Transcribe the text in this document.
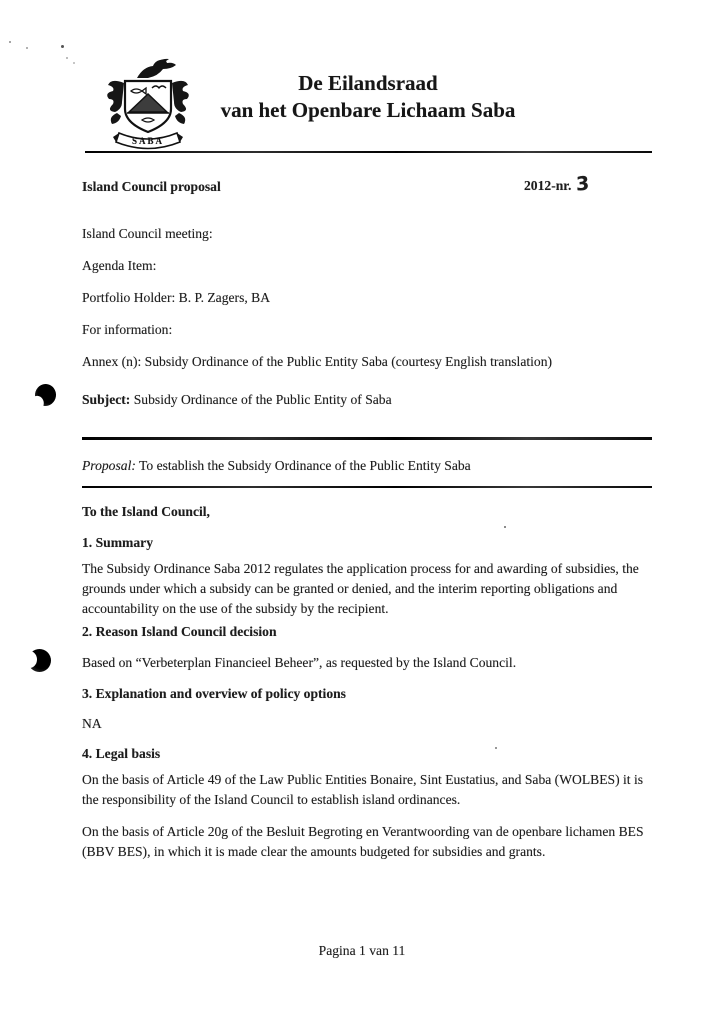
SABA
De Eilandsraad
van het Openbare Lichaam Saba

Island Council proposal	2012-nr. 3

Island Council meeting:

Agenda Item:

Portfolio Holder: B. P. Zagers, BA

For information:

Annex (n): Subsidy Ordinance of the Public Entity Saba (courtesy English translation)

Subject: Subsidy Ordinance of the Public Entity of Saba

Proposal: To establish the Subsidy Ordinance of the Public Entity Saba

To the Island Council,

1. Summary

The Subsidy Ordinance Saba 2012 regulates the application process for and awarding of subsidies, the grounds under which a subsidy can be granted or denied, and the interim reporting obligations and accountability on the use of the subsidy by the recipient.

2. Reason Island Council decision

Based on “Verbeterplan Financieel Beheer”, as requested by the Island Council.

3. Explanation and overview of policy options

NA

4. Legal basis

On the basis of Article 49 of the Law Public Entities Bonaire, Sint Eustatius, and Saba (WOLBES) it is the responsibility of the Island Council to establish island ordinances.

On the basis of Article 20g of the Besluit Begroting en Verantwoording van de openbare lichamen BES (BBV BES), in which it is made clear the amounts budgeted for subsidies and grants.

Pagina 1 van 11
